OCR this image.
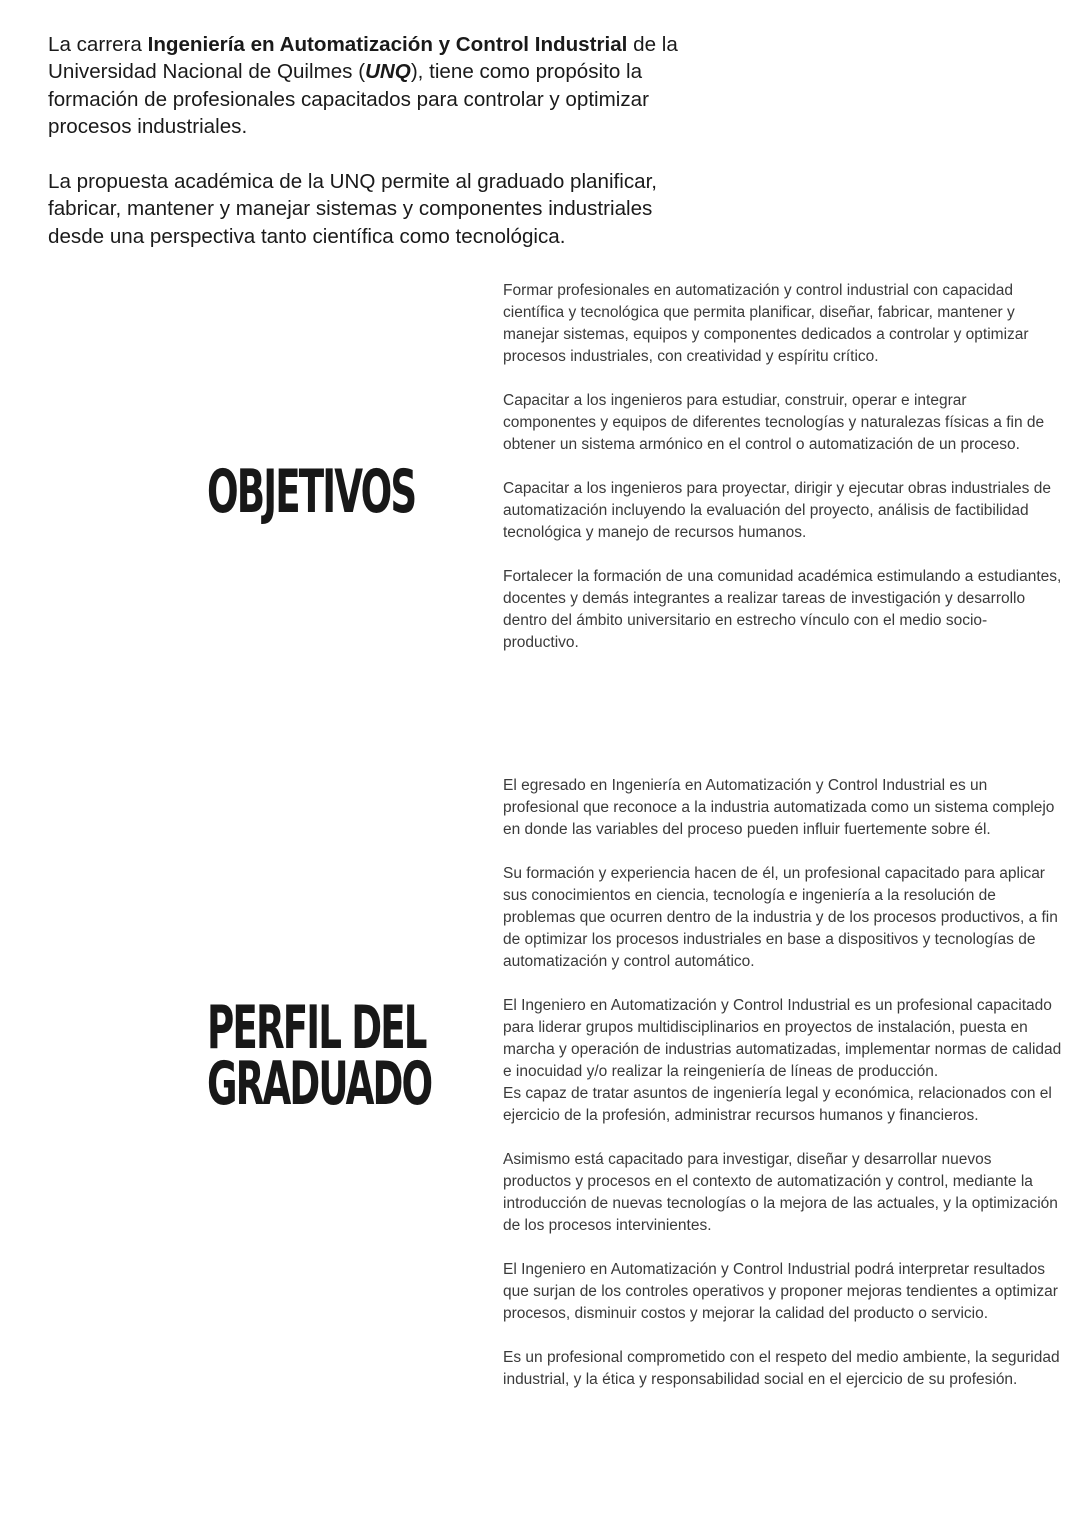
La carrera Ingeniería en Automatización y Control Industrial de la Universidad Nacional de Quilmes (UNQ), tiene como propósito la formación de profesionales capacitados para controlar y optimizar procesos industriales.

La propuesta académica de la UNQ permite al graduado planificar, fabricar, mantener y manejar sistemas y componentes industriales desde una perspectiva tanto científica como tecnológica.

OBJETIVOS

Formar profesionales en automatización y control industrial con capacidad científica y tecnológica que permita planificar, diseñar, fabricar, mantener y manejar sistemas, equipos y componentes dedicados a controlar y optimizar procesos industriales, con creatividad y espíritu crítico.

Capacitar a los ingenieros para estudiar, construir, operar e integrar componentes y equipos de diferentes tecnologías y naturalezas físicas a fin de obtener un sistema armónico en el control o automatización de un proceso.

Capacitar a los ingenieros para proyectar, dirigir y ejecutar obras industriales de automatización incluyendo la evaluación del proyecto, análisis de factibilidad tecnológica y manejo de recursos humanos.

Fortalecer la formación de una comunidad académica estimulando a estudiantes, docentes y demás integrantes a realizar tareas de investigación y desarrollo dentro del ámbito universitario en estrecho vínculo con el medio socio-productivo.

PERFIL DEL
GRADUADO

El egresado en Ingeniería en Automatización y Control Industrial es un profesional que reconoce a la industria automatizada como un sistema complejo en donde las variables del proceso pueden influir fuertemente sobre él.

Su formación y experiencia hacen de él, un profesional capacitado para aplicar sus conocimientos en ciencia, tecnología e ingeniería a la resolución de problemas que ocurren dentro de la industria y de los procesos productivos, a fin de optimizar los procesos industriales en base a dispositivos y tecnologías de automatización y control automático.

El Ingeniero en Automatización y Control Industrial es un profesional capacitado para liderar grupos multidisciplinarios en proyectos de instalación, puesta en marcha y operación de industrias automatizadas, implementar normas de calidad e inocuidad y/o realizar la reingeniería de líneas de producción.

Es capaz de tratar asuntos de ingeniería legal y económica, relacionados con el ejercicio de la profesión, administrar recursos humanos y financieros.

Asimismo está capacitado para investigar, diseñar y desarrollar nuevos productos y procesos en el contexto de automatización y control, mediante la introducción de nuevas tecnologías o la mejora de las actuales, y la optimización de los procesos intervinientes.

El Ingeniero en Automatización y Control Industrial podrá interpretar resultados que surjan de los controles operativos y proponer mejoras tendientes a optimizar procesos, disminuir costos y mejorar la calidad del producto o servicio.

Es un profesional comprometido con el respeto del medio ambiente, la seguridad industrial, y la ética y responsabilidad social en el ejercicio de su profesión.
